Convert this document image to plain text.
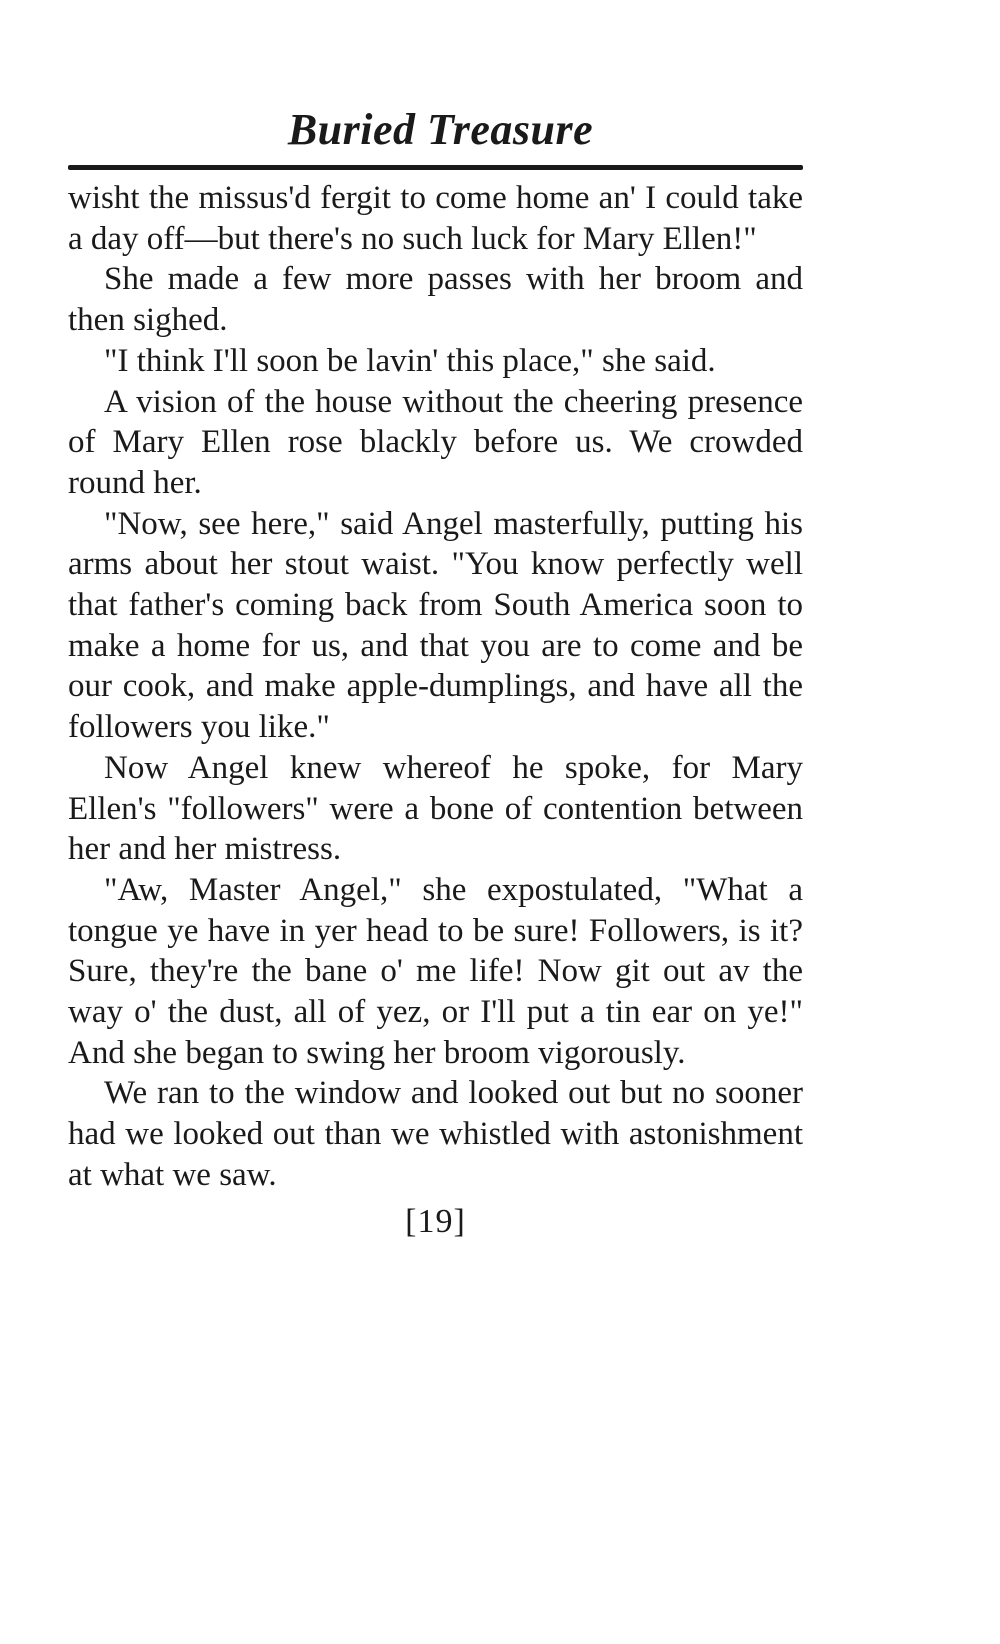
Buried Treasure

wisht the missus'd fergit to come home an' I could take a day off—but there's no such luck for Mary Ellen!"

She made a few more passes with her broom and then sighed.

"I think I'll soon be lavin' this place," she said.

A vision of the house without the cheering presence of Mary Ellen rose blackly before us. We crowded round her.

"Now, see here," said Angel masterfully, putting his arms about her stout waist. "You know perfectly well that father's coming back from South America soon to make a home for us, and that you are to come and be our cook, and make apple-dumplings, and have all the followers you like."

Now Angel knew whereof he spoke, for Mary Ellen's "followers" were a bone of contention between her and her mistress.

"Aw, Master Angel," she expostulated, "What a tongue ye have in yer head to be sure! Followers, is it? Sure, they're the bane o' me life! Now git out av the way o' the dust, all of yez, or I'll put a tin ear on ye!" And she began to swing her broom vigorously.

We ran to the window and looked out but no sooner had we looked out than we whistled with astonishment at what we saw.

[19]
